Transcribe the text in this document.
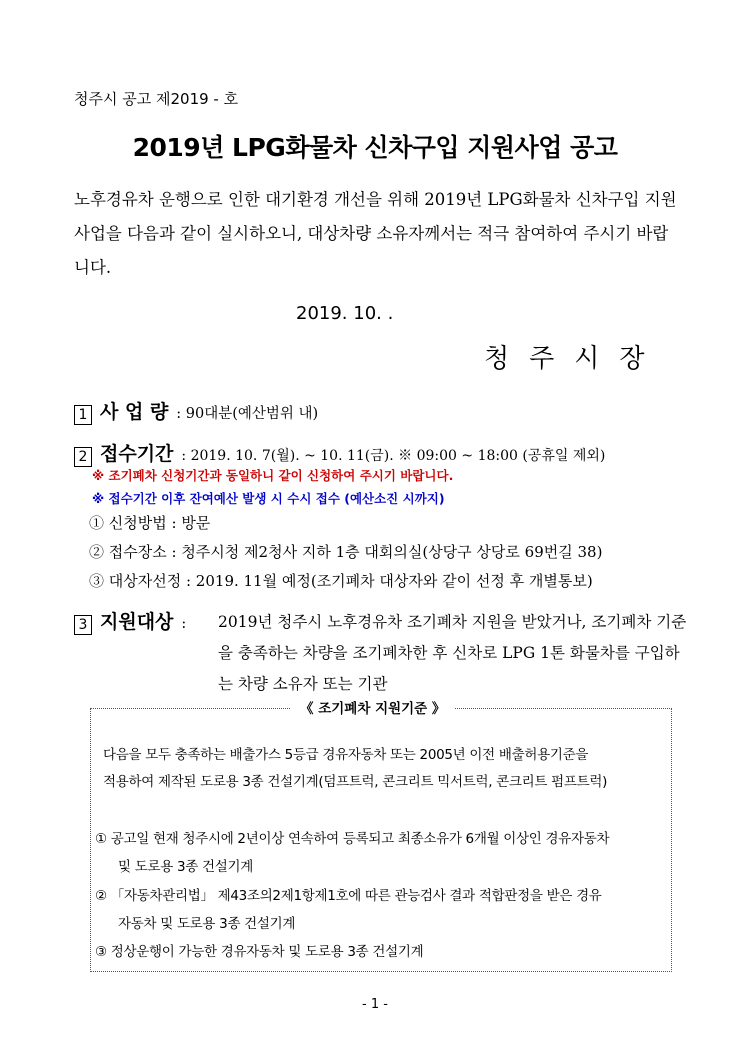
청주시 공고 제2019 - 호
2019년 LPG화물차 신차구입 지원사업 공고
노후경유차 운행으로 인한 대기환경 개선을 위해 2019년 LPG화물차 신차구입 지원사업을 다음과 같이 실시하오니, 대상차량 소유자께서는 적극 참여하여 주시기 바랍니다.
2019. 10. .
청주시장
1 사 업 량 : 90대분(예산범위 내)
2 접수기간 : 2019. 10. 7(월). ~ 10. 11(금). ※ 09:00 ~ 18:00 (공휴일 제외)
※ 조기폐차 신청기간과 동일하니 같이 신청하여 주시기 바랍니다.
※ 접수기간 이후 잔여예산 발생 시 수시 접수 (예산소진 시까지)
① 신청방법 : 방문
② 접수장소 : 청주시청 제2청사 지하 1층 대회의실(상당구 상당로 69번길 38)
③ 대상자선정 : 2019. 11월 예정(조기폐차 대상자와 같이 선정 후 개별통보)
3 지원대상 : 2019년 청주시 노후경유차 조기폐차 지원을 받았거나, 조기폐차 기준을 충족하는 차량을 조기폐차한 후 신차로 LPG 1톤 화물차를 구입하는 차량 소유자 또는 기관
《 조기폐차 지원기준 》
다음을 모두 충족하는 배출가스 5등급 경유자동차 또는 2005년 이전 배출허용기준을
적용하여 제작된 도로용 3종 건설기계(덤프트럭, 콘크리트 믹서트럭, 콘크리트 펌프트럭)
① 공고일 현재 청주시에 2년이상 연속하여 등록되고 최종소유가 6개월 이상인 경유자동차
및 도로용 3종 건설기계
② 「자동차관리법」 제43조의2제1항제1호에 따른 관능검사 결과 적합판정을 받은 경유
자동차 및 도로용 3종 건설기계
③ 정상운행이 가능한 경유자동차 및 도로용 3종 건설기계
- 1 -
